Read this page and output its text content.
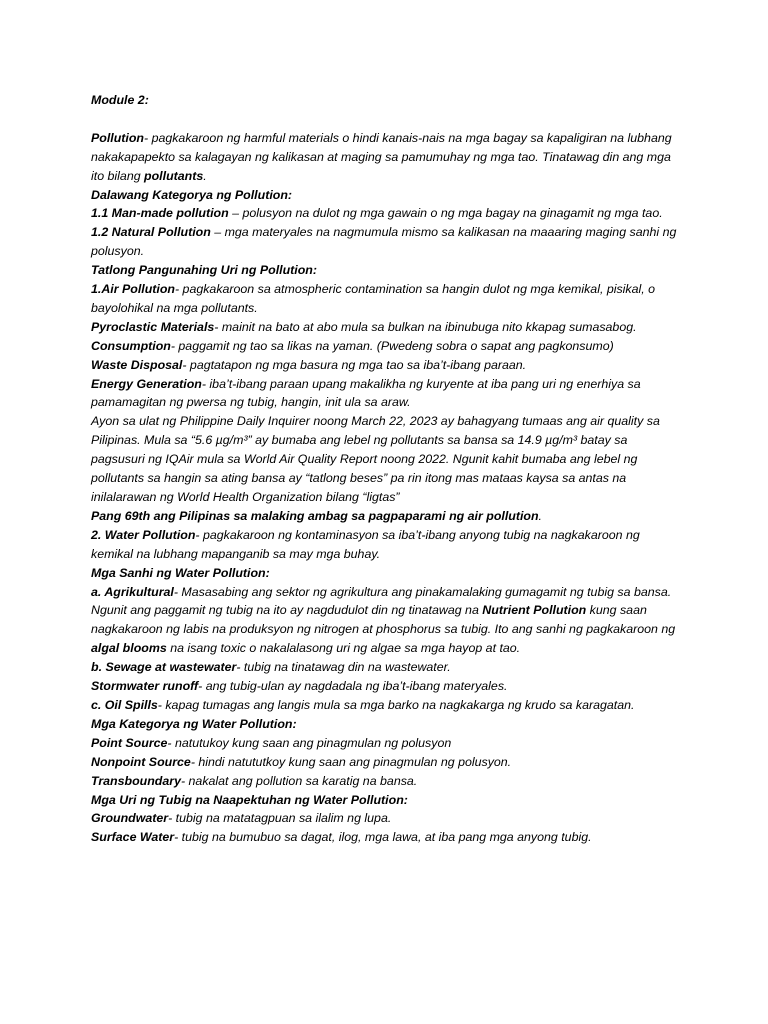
Module 2:

Pollution- pagkakaroon ng harmful materials o hindi kanais-nais na mga bagay sa kapaligiran na lubhang nakakapapekto sa kalagayan ng kalikasan at maging sa pamumuhay ng mga tao. Tinatawag din ang mga ito bilang pollutants.

Dalawang Kategorya ng Pollution:

1.1 Man-made pollution – polusyon na dulot ng mga gawain o ng mga bagay na ginagamit ng mga tao.

1.2 Natural Pollution – mga materyales na nagmumula mismo sa kalikasan na maaaring maging sanhi ng polusyon.

Tatlong Pangunahing Uri ng Pollution:

1.Air Pollution- pagkakaroon sa atmospheric contamination sa hangin dulot ng mga kemikal, pisikal, o bayolohikal na mga pollutants.

Pyroclastic Materials- mainit na bato at abo mula sa bulkan na ibinubuga nito kkapag sumasabog.

Consumption- paggamit ng tao sa likas na yaman. (Pwedeng sobra o sapat ang pagkonsumo)

Waste Disposal- pagtatapon ng mga basura ng mga tao sa iba’t-ibang paraan.

Energy Generation- iba’t-ibang paraan upang makalikha ng kuryente at iba pang uri ng enerhiya sa pamamagitan ng pwersa ng tubig, hangin, init ula sa araw.

Ayon sa ulat ng Philippine Daily Inquirer noong March 22, 2023 ay bahagyang tumaas ang air quality sa Pilipinas. Mula sa “5.6 µg/m³” ay bumaba ang lebel ng pollutants sa bansa sa 14.9 µg/m³ batay sa pagsusuri ng IQAir mula sa World Air Quality Report noong 2022. Ngunit kahit bumaba ang lebel ng pollutants sa hangin sa ating bansa ay “tatlong beses” pa rin itong mas mataas kaysa sa antas na inilalarawan ng World Health Organization bilang “ligtas”

Pang 69th ang Pilipinas sa malaking ambag sa pagpaparami ng air pollution.

2. Water Pollution- pagkakaroon ng kontaminasyon sa iba’t-ibang anyong tubig na nagkakaroon ng kemikal na lubhang mapanganib sa may mga buhay.

Mga Sanhi ng Water Pollution:

a. Agrikultural- Masasabing ang sektor ng agrikultura ang pinakamalaking gumagamit ng tubig sa bansa. Ngunit ang paggamit ng tubig na ito ay nagdudulot din ng tinatawag na Nutrient Pollution kung saan nagkakaroon ng labis na produksyon ng nitrogen at phosphorus sa tubig. Ito ang sanhi ng pagkakaroon ng algal blooms na isang toxic o nakalalasong uri ng algae sa mga hayop at tao.

b. Sewage at wastewater- tubig na tinatawag din na wastewater.

Stormwater runoff- ang tubig-ulan ay nagdadala ng iba’t-ibang materyales.

c. Oil Spills- kapag tumagas ang langis mula sa mga barko na nagkakarga ng krudo sa karagatan.

Mga Kategorya ng Water Pollution:

Point Source- natutukoy kung saan ang pinagmulan ng polusyon

Nonpoint Source- hindi natututkoy kung saan ang pinagmulan ng polusyon.

Transboundary- nakalat ang pollution sa karatig na bansa.

Mga Uri ng Tubig na Naapektuhan ng Water Pollution:

Groundwater- tubig na matatagpuan sa ilalim ng lupa.

Surface Water- tubig na bumubuo sa dagat, ilog, mga lawa, at iba pang mga anyong tubig.
